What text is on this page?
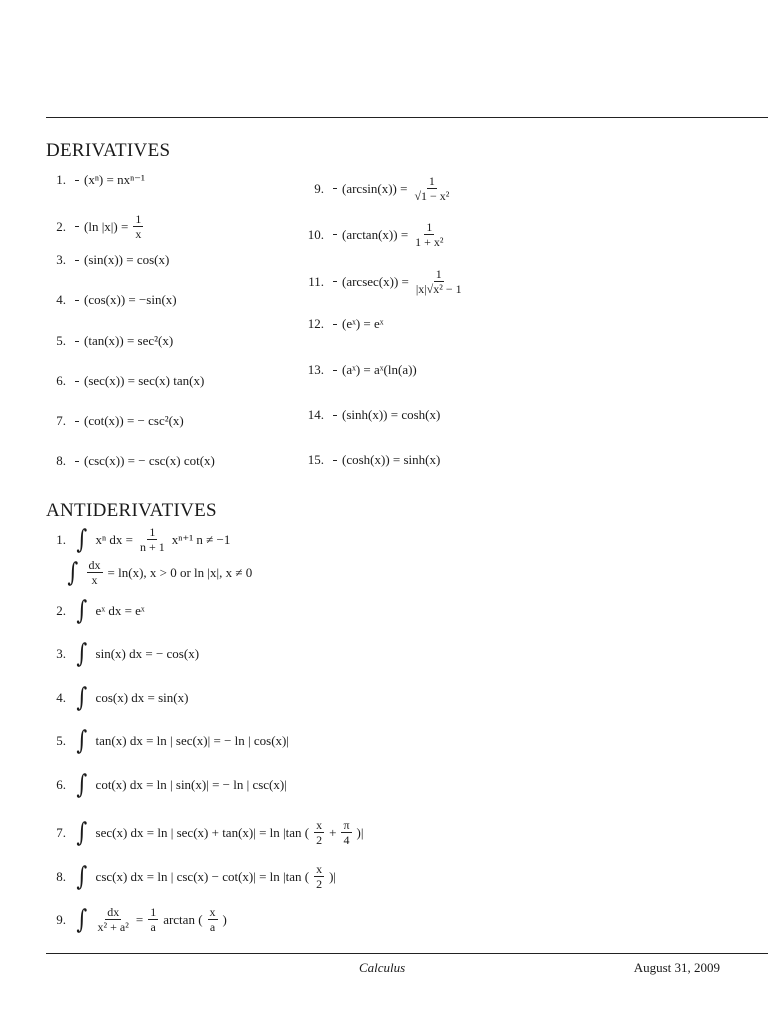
DERIVATIVES
ANTIDERIVATIVES
Calculus	August 31, 2009
1. (xⁿ) = nxⁿ⁻¹
2. (ln $|x|) = \frac{1}{x}$
3. (sin(x)) = cos(x)
4. (cos(x)) = −sin(x)
5. (tan(x)) = sec²(x)
6. (sec(x)) = sec(x) tan(x)
7. (cot(x)) = − csc²(x)
8. (csc(x)) = − csc(x) cot(x)
9. $(\arcsin(x)) = \frac{1}{\text{√1 − x²}}$
10. $(\arctan(x)) = \frac{1}{\text{1 + x²}}$
11. $(arcsec(x)) = \frac{1}{\text{|x|√x² − 1}}$
12. (eˣ) = eˣ
13. (aˣ) = aˣ(ln(a))
14. (sinh(x)) = cosh(x)
15. (cosh(x)) = sinh(x)
1. ∫ xⁿ dx = $\frac{1}{n + 1} x^{n+1}$ n ≠ −1
∫ $\frac{dx}{x} = \ln(x)$, x > 0 or ln |x|, x ≠ 0
2. ∫ eˣ dx = eˣ
3. ∫ sin(x) dx = − cos(x)
4. ∫ cos(x) dx = sin(x)
5. ∫ tan(x) dx = ln | sec(x)| = − ln | cos(x)|
6. ∫ cot(x) dx = ln | sin(x)| = − ln | csc(x)|
7. ∫ sec(x) dx = ln | sec(x) + tan(x)| = ln |tan ( $\frac{x}{2} + \frac{\pi}{4}$ )|
8. ∫ csc(x) dx = ln | csc(x) − cot(x)| = ln |tan ( $\frac{x}{2}$ )|
9. ∫ $\frac{dx}{\text{x² + a²}} = \frac{1}{a}$ arctan ( $\frac{x}{a}$ )
